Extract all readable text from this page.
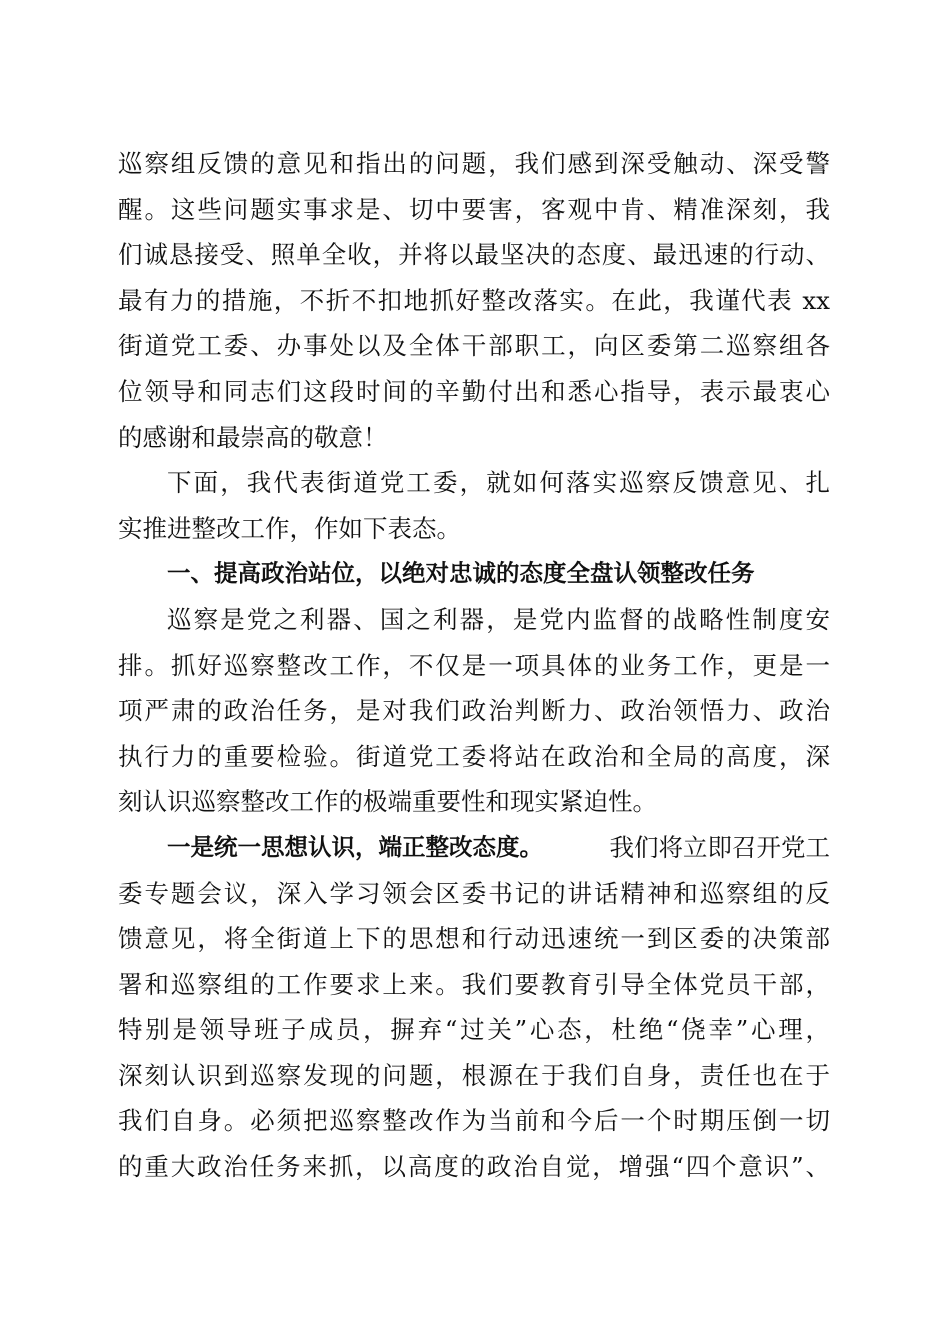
巡察组反馈的意见和指出的问题，我们感到深受触动、深受警
醒。这些问题实事求是、切中要害，客观中肯、精准深刻，我
们诚恳接受、照单全收，并将以最坚决的态度、最迅速的行动、
最有力的措施，不折不扣地抓好整改落实。在此，我谨代表 xx
街道党工委、办事处以及全体干部职工，向区委第二巡察组各
位领导和同志们这段时间的辛勤付出和悉心指导，表示最衷心
的感谢和最崇高的敬意！
下面，我代表街道党工委，就如何落实巡察反馈意见、扎
实推进整改工作，作如下表态。
一、提高政治站位，以绝对忠诚的态度全盘认领整改任务
巡察是党之利器、国之利器，是党内监督的战略性制度安
排。抓好巡察整改工作，不仅是一项具体的业务工作，更是一
项严肃的政治任务，是对我们政治判断力、政治领悟力、政治
执行力的重要检验。街道党工委将站在政治和全局的高度，深
刻认识巡察整改工作的极端重要性和现实紧迫性。
一是统一思想认识，端正整改态度。	我们将立即召开党工
委专题会议，深入学习领会区委书记的讲话精神和巡察组的反
馈意见，将全街道上下的思想和行动迅速统一到区委的决策部
署和巡察组的工作要求上来。我们要教育引导全体党员干部，
特别是领导班子成员，摒弃“过关”心态，杜绝“侥幸”心理，
深刻认识到巡察发现的问题，根源在于我们自身，责任也在于
我们自身。必须把巡察整改作为当前和今后一个时期压倒一切
的重大政治任务来抓，以高度的政治自觉，增强“四个意识”、
